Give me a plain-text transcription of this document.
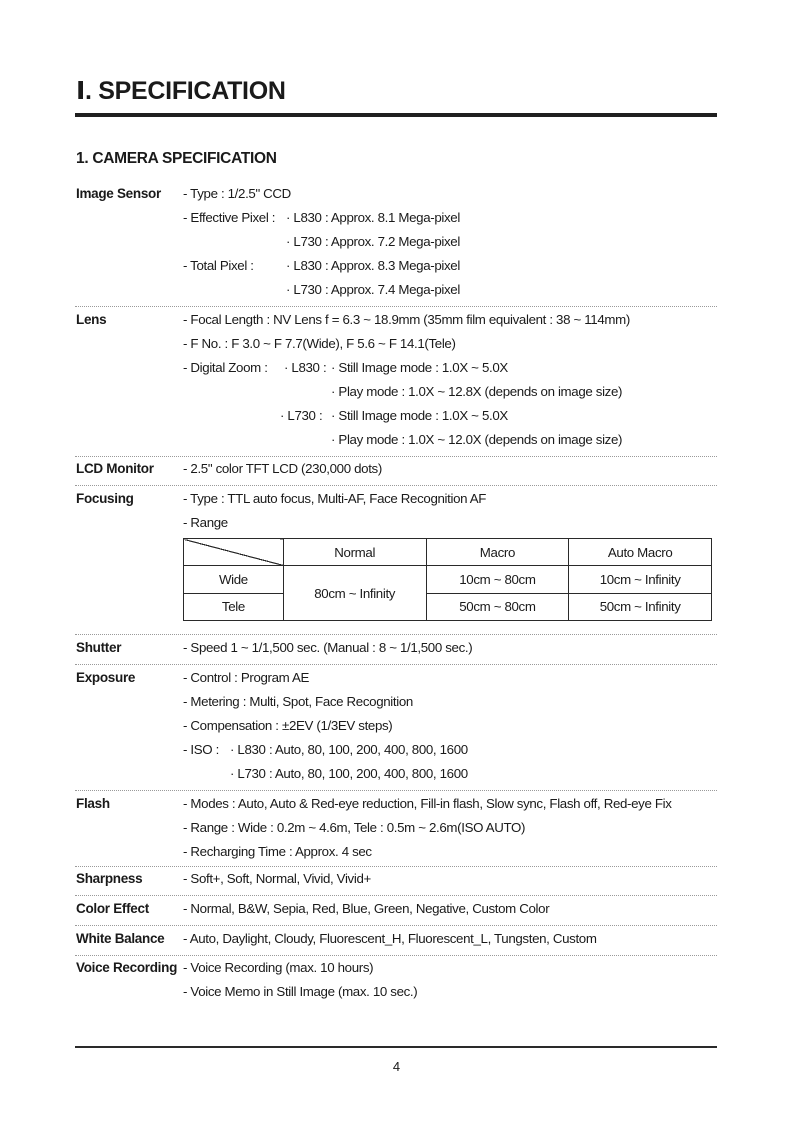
Ⅰ. SPECIFICATION
1. CAMERA SPECIFICATION
Image Sensor - Type : 1/2.5" CCD
- Effective Pixel : · L830 : Approx. 8.1 Mega-pixel
· L730 : Approx. 7.2 Mega-pixel
- Total Pixel : · L830 : Approx. 8.3 Mega-pixel
· L730 : Approx. 7.4 Mega-pixel
Lens	- Focal Length : NV Lens f = 6.3 ~ 18.9mm (35mm film equivalent : 38 ~ 114mm)
- F No. : F 3.0 ~ F 7.7(Wide), F 5.6 ~ F 14.1(Tele)
- Digital Zoom : · L830 : · Still Image mode : 1.0X ~ 5.0X
· Play mode : 1.0X ~ 12.8X (depends on image size)
· L730 : · Still Image mode : 1.0X ~ 5.0X
· Play mode : 1.0X ~ 12.0X (depends on image size)
LCD Monitor - 2.5" color TFT LCD (230,000 dots)
Focusing	- Type : TTL auto focus, Multi-AF, Face Recognition AF
- Range
	Normal	Macro	Auto Macro
Wide	80cm ~ Infinity	10cm ~ 80cm	10cm ~ Infinity
Tele		50cm ~ 80cm	50cm ~ Infinity
Shutter	- Speed 1 ~ 1/1,500 sec. (Manual : 8 ~ 1/1,500 sec.)
Exposure	- Control : Program AE
- Metering : Multi, Spot, Face Recognition
- Compensation : ±2EV (1/3EV steps)
- ISO : · L830 : Auto, 80, 100, 200, 400, 800, 1600
· L730 : Auto, 80, 100, 200, 400, 800, 1600
Flash	- Modes : Auto, Auto & Red-eye reduction, Fill-in flash, Slow sync, Flash off, Red-eye Fix
- Range : Wide : 0.2m ~ 4.6m, Tele : 0.5m ~ 2.6m(ISO AUTO)
- Recharging Time : Approx. 4 sec
Sharpness	- Soft+, Soft, Normal, Vivid, Vivid+
Color Effect	- Normal, B&W, Sepia, Red, Blue, Green, Negative, Custom Color
White Balance - Auto, Daylight, Cloudy, Fluorescent_H, Fluorescent_L, Tungsten, Custom
Voice Recording - Voice Recording (max. 10 hours)
- Voice Memo in Still Image (max. 10 sec.)
4
